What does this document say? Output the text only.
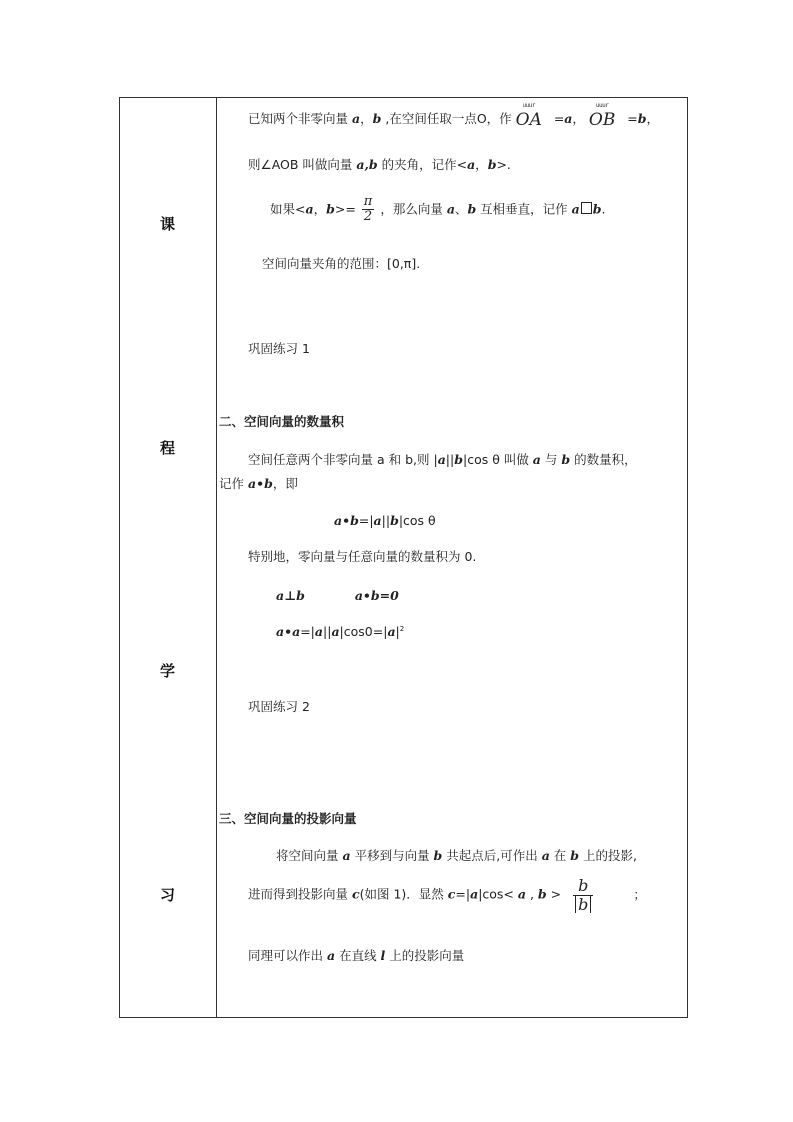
课
程
学
习
已知两个非零向量 a，b ,在空间任取一点O，作
uuur
OA =a，
uuur
OB =b，
则∠AOB 叫做向量 a,b 的夹角，记作<a，b>.
如果<a，$b>= \frac{\pi}{2}$ ，那么向量 a、b 互相垂直，记作 a b.
空间向量夹角的范围：[0,π].
巩固练习 1
二、空间向量的数量积
空间任意两个非零向量 a 和 b,则 |a||b|cos θ 叫做 a 与 b 的数量积，
记作 a•b，即
a•b=|a||b|cos θ
特别地，零向量与任意向量的数量积为 0.
a⊥b	a•b=0
$a•a=|a||a|\cos 0=|a|^2$
巩固练习 2
三、空间向量的投影向量
将空间向量 a 平移到与向量 b 共起点后,可作出 a 在 b 上的投影,
进而得到投影向量 c(如图 1)．显然 c=|a|cos< a , $b > \frac{b}{b}$	；
同理可以作出 a 在直线 l 上的投影向量
